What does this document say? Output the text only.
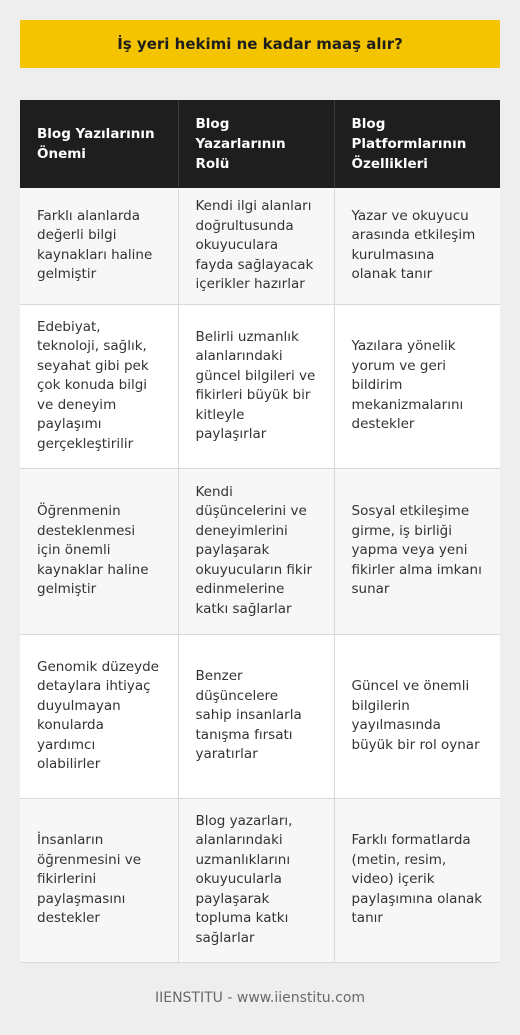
İş yeri hekimi ne kadar maaş alır?
Blog Yazılarının Önemi	Blog Yazarlarının Rolü	Blog Platformlarının Özellikleri
Farklı alanlarda değerli bilgi kaynakları haline gelmiştir	Kendi ilgi alanları doğrultusunda okuyuculara fayda sağlayacak içerikler hazırlar	Yazar ve okuyucu arasında etkileşim kurulmasına olanak tanır
Edebiyat, teknoloji, sağlık, seyahat gibi pek çok konuda bilgi ve deneyim paylaşımı gerçekleştirilir	Belirli uzmanlık alanlarındaki güncel bilgileri ve fikirleri büyük bir kitleyle paylaşırlar	Yazılara yönelik yorum ve geri bildirim mekanizmalarını destekler
Öğrenmenin desteklenmesi için önemli kaynaklar haline gelmiştir	Kendi düşüncelerini ve deneyimlerini paylaşarak okuyucuların fikir edinmelerine katkı sağlarlar	Sosyal etkileşime girme, iş birliği yapma veya yeni fikirler alma imkanı sunar
Genomik düzeyde detaylara ihtiyaç duyulmayan konularda yardımcı olabilirler	Benzer düşüncelere sahip insanlarla tanışma fırsatı yaratırlar	Güncel ve önemli bilgilerin yayılmasında büyük bir rol oynar
İnsanların öğrenmesini ve fikirlerini paylaşmasını destekler	Blog yazarları, alanlarındaki uzmanlıklarını okuyucularla paylaşarak topluma katkı sağlarlar	Farklı formatlarda (metin, resim, video) içerik paylaşımına olanak tanır
IIENSTITU - www.iienstitu.com
